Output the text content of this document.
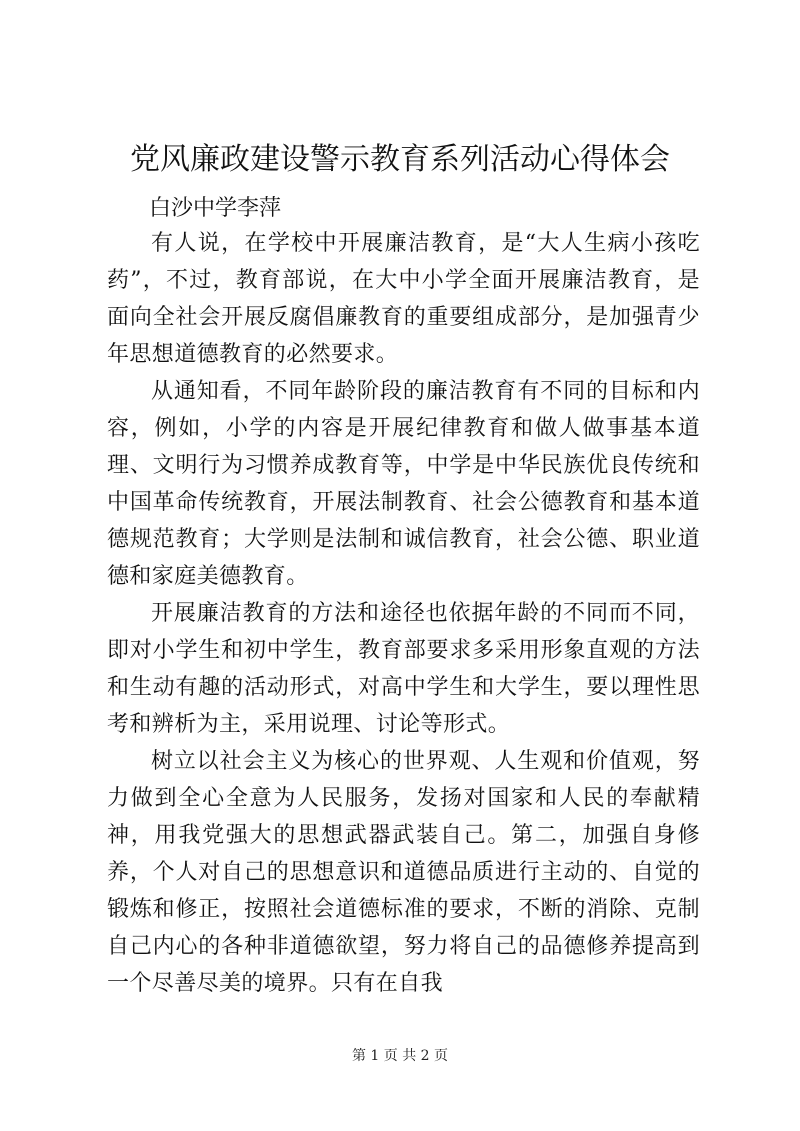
党风廉政建设警示教育系列活动心得体会

白沙中学李萍

有人说，在学校中开展廉洁教育，是“大人生病小孩吃药”，不过，教育部说，在大中小学全面开展廉洁教育，是面向全社会开展反腐倡廉教育的重要组成部分，是加强青少年思想道德教育的必然要求。

从通知看，不同年龄阶段的廉洁教育有不同的目标和内容，例如，小学的内容是开展纪律教育和做人做事基本道理、文明行为习惯养成教育等，中学是中华民族优良传统和中国革命传统教育，开展法制教育、社会公德教育和基本道德规范教育；大学则是法制和诚信教育，社会公德、职业道德和家庭美德教育。

开展廉洁教育的方法和途径也依据年龄的不同而不同，即对小学生和初中学生，教育部要求多采用形象直观的方法和生动有趣的活动形式，对高中学生和大学生，要以理性思考和辨析为主，采用说理、讨论等形式。

树立以社会主义为核心的世界观、人生观和价值观，努力做到全心全意为人民服务，发扬对国家和人民的奉献精神，用我党强大的思想武器武装自己。第二，加强自身修养，个人对自己的思想意识和道德品质进行主动的、自觉的锻炼和修正，按照社会道德标准的要求，不断的消除、克制自己内心的各种非道德欲望，努力将自己的品德修养提高到一个尽善尽美的境界。只有在自我

第 1 页 共 2 页
